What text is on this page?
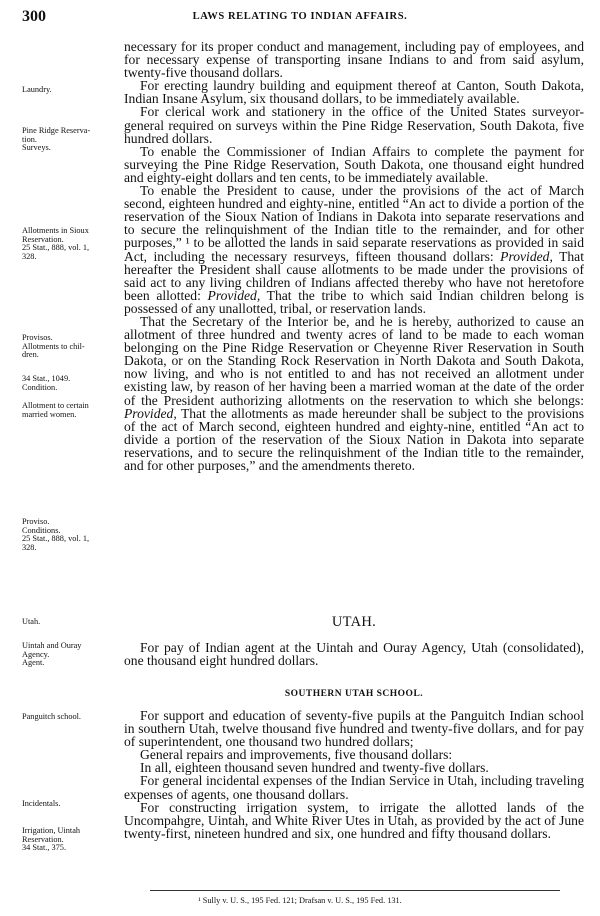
300	LAWS RELATING TO INDIAN AFFAIRS.
Laundry.
Pine Ridge Reserva-
tion.
Surveys.
Allotments in Sioux
Reservation.
25 Stat., 888, vol. 1,
328.
Provisos.
Allotments to chil-
dren.
34 Stat., 1049.
Condition.
Allotment to certain
married women.
Proviso.
Conditions.
25 Stat., 888, vol. 1,
328.
Utah.
Uintah and Ouray
Agency.
Agent.
Panguitch school.
Incidentals.
Irrigation, Uintah
Reservation.
34 Stat., 375.

necessary for its proper conduct and management, including pay of employees, and for necessary expense of transporting insane Indians to and from said asylum, twenty-five thousand dollars.

For erecting laundry building and equipment thereof at Canton, South Dakota, Indian Insane Asylum, six thousand dollars, to be immediately available.

For clerical work and stationery in the office of the United States surveyor-general required on surveys within the Pine Ridge Reservation, South Dakota, five hundred dollars.

To enable the Commissioner of Indian Affairs to complete the payment for surveying the Pine Ridge Reservation, South Dakota, one thousand eight hundred and eighty-eight dollars and ten cents, to be immediately available.

To enable the President to cause, under the provisions of the act of March second, eighteen hundred and eighty-nine, entitled “An act to divide a portion of the reservation of the Sioux Nation of Indians in Dakota into separate reservations and to secure the relinquishment of the Indian title to the remainder, and for other purposes,” ¹ to be allotted the lands in said separate reservations as provided in said Act, including the necessary resurveys, fifteen thousand dollars: Provided, That hereafter the President shall cause allotments to be made under the provisions of said act to any living children of Indians affected thereby who have not heretofore been allotted: Provided, That the tribe to which said Indian children belong is possessed of any unallotted, tribal, or reservation lands.

That the Secretary of the Interior be, and he is hereby, authorized to cause an allotment of three hundred and twenty acres of land to be made to each woman belonging on the Pine Ridge Reservation or Cheyenne River Reservation in South Dakota, or on the Standing Rock Reservation in North Dakota and South Dakota, now living, and who is not entitled to and has not received an allotment under existing law, by reason of her having been a married woman at the date of the order of the President authorizing allotments on the reservation to which she belongs: Provided, That the allotments as made hereunder shall be subject to the provisions of the act of March second, eighteen hundred and eighty-nine, entitled “An act to divide a portion of the reservation of the Sioux Nation in Dakota into separate reservations, and to secure the relinquishment of the Indian title to the remainder, and for other purposes,” and the amendments thereto.

UTAH.

For pay of Indian agent at the Uintah and Ouray Agency, Utah (consolidated), one thousand eight hundred dollars.

SOUTHERN UTAH SCHOOL.

For support and education of seventy-five pupils at the Panguitch Indian school in southern Utah, twelve thousand five hundred and twenty-five dollars, and for pay of superintendent, one thousand two hundred dollars;

General repairs and improvements, five thousand dollars:

In all, eighteen thousand seven hundred and twenty-five dollars.

For general incidental expenses of the Indian Service in Utah, including traveling expenses of agents, one thousand dollars.

For constructing irrigation system, to irrigate the allotted lands of the Uncompahgre, Uintah, and White River Utes in Utah, as provided by the act of June twenty-first, nineteen hundred and six, one hundred and fifty thousand dollars.

¹ Sully v. U. S., 195 Fed. 121; Drafsan v. U. S., 195 Fed. 131.
